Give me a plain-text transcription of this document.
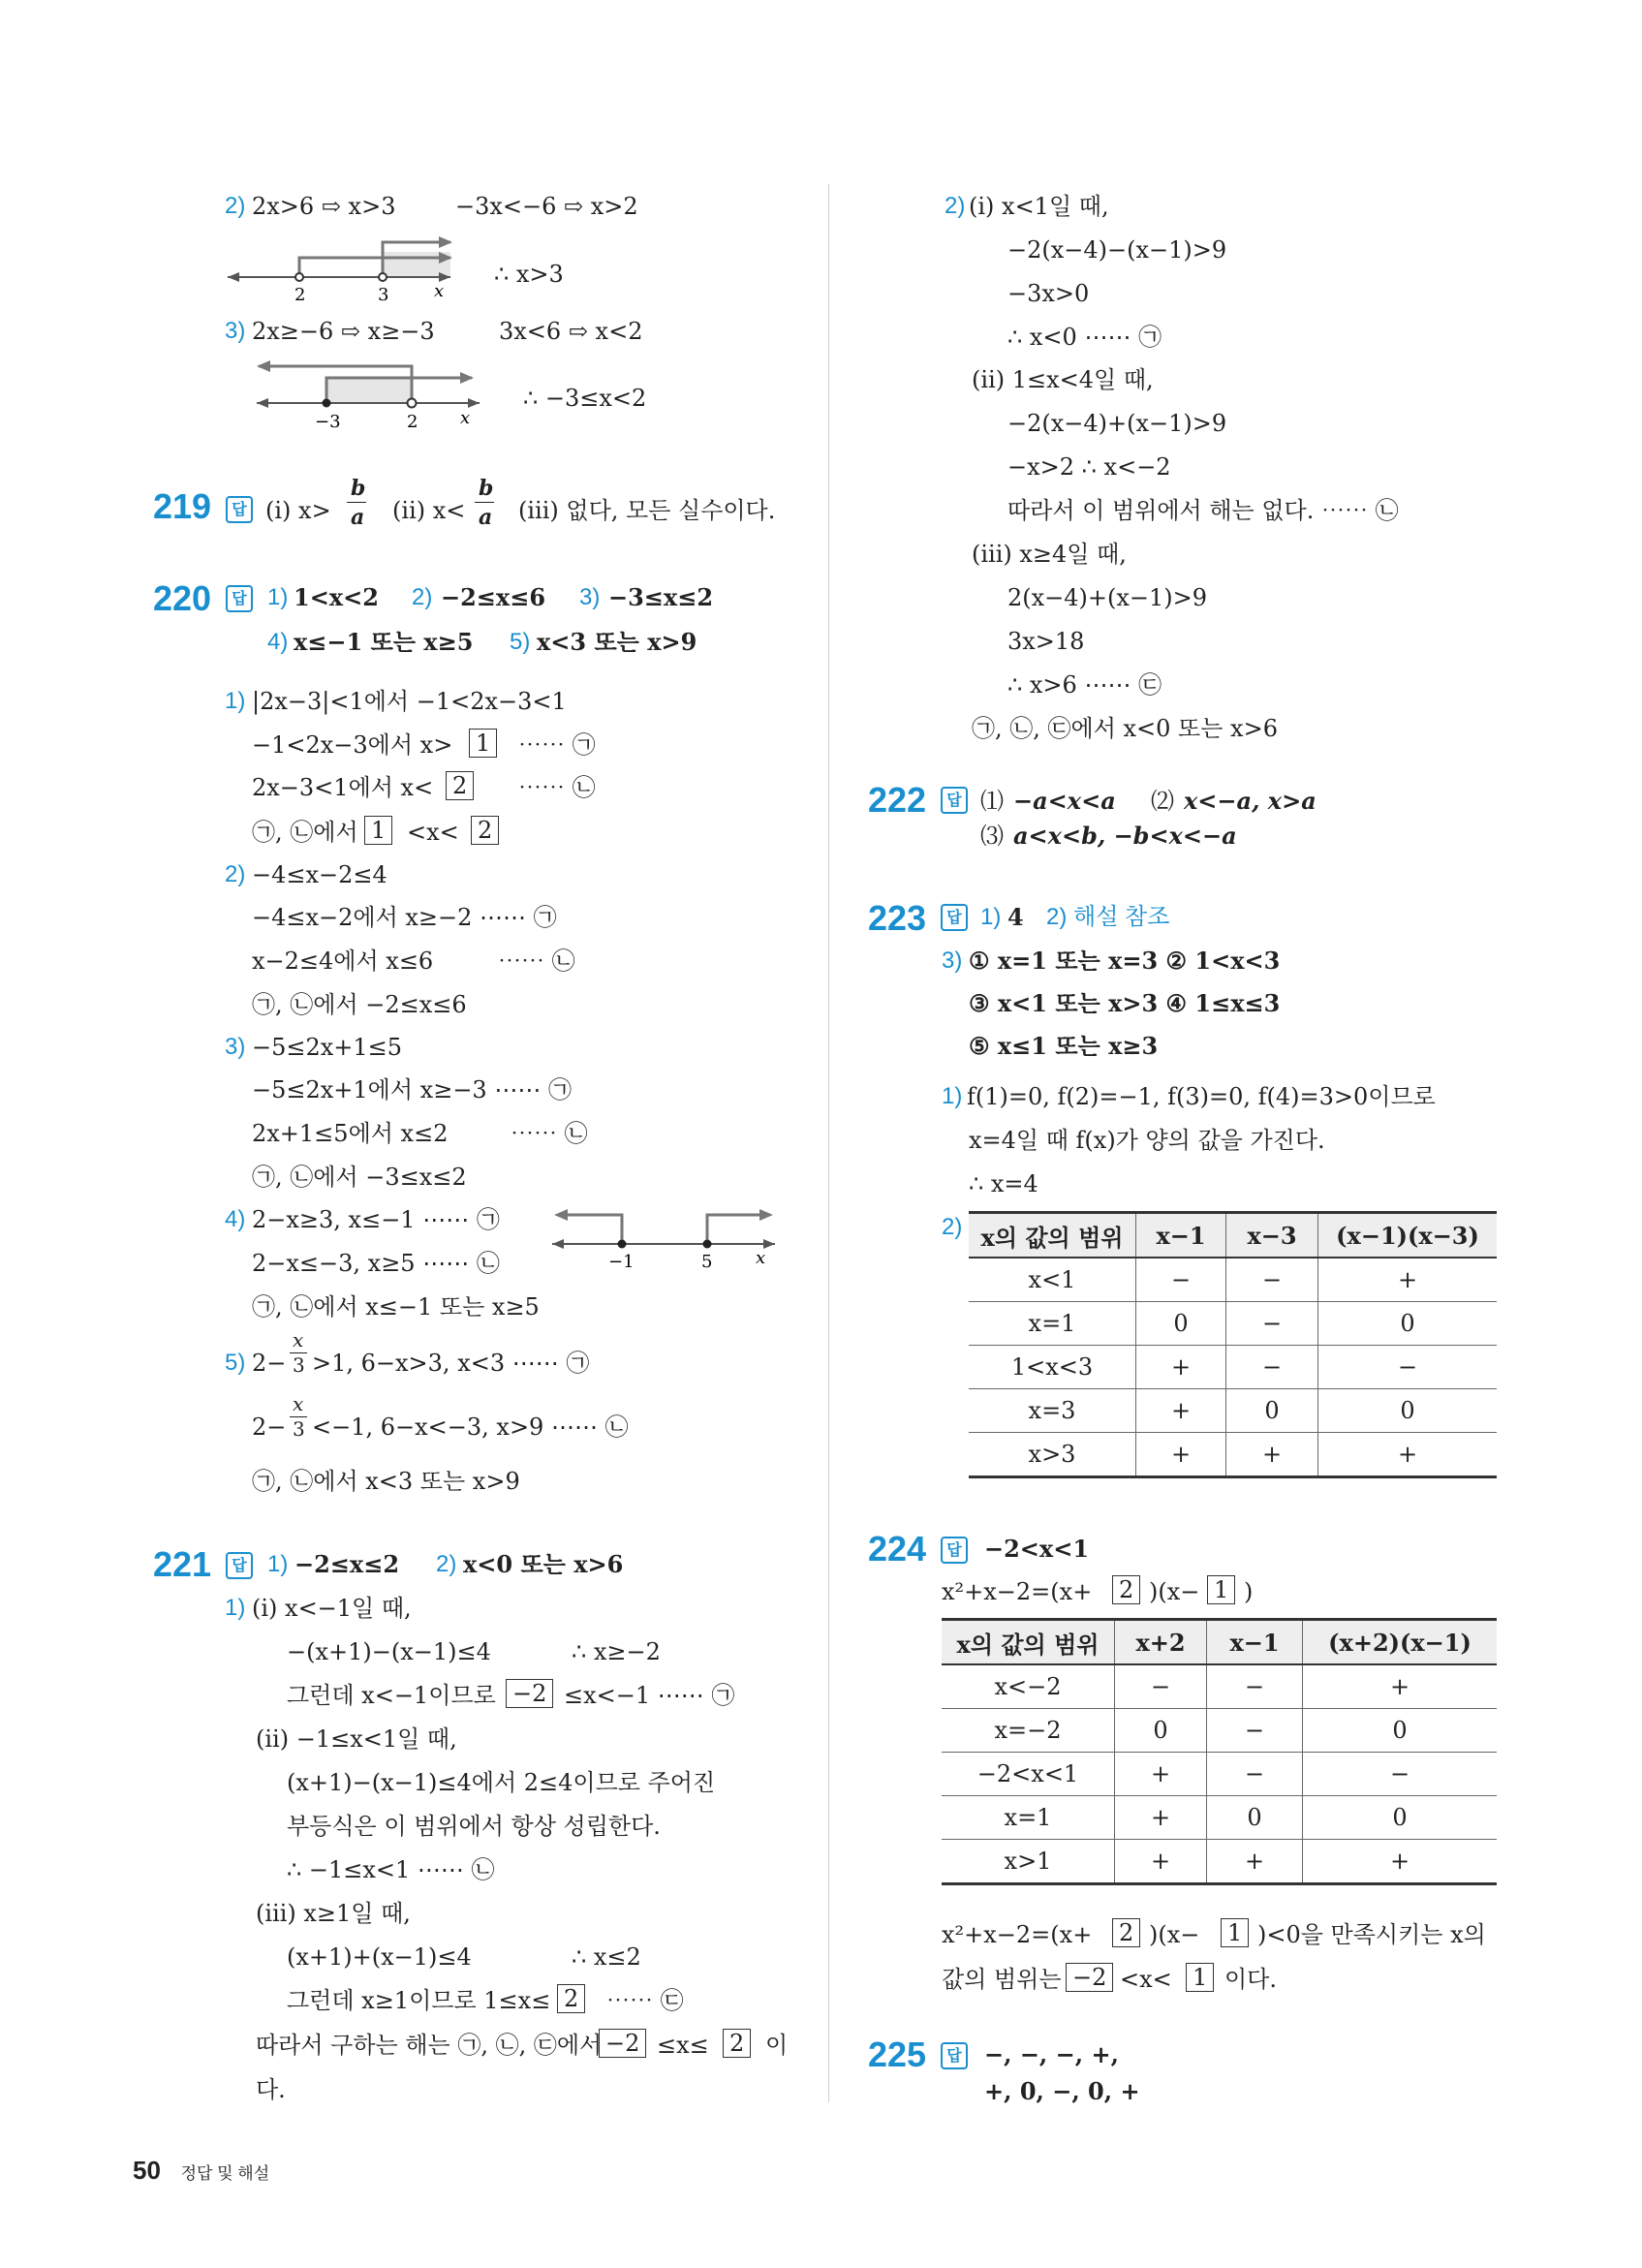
2) 2x>6 ⇨ x>3	−3x<−6 ⇨ x>2
2	3	x
∴ x>3
3) 2x≥−6 ⇨ x≥−3	3x<6 ⇨ x<2
−3	2 x
∴ −3≤x<2
219	답 (ⅰ) x>
b
a (ⅱ) x<
b
a (ⅲ) 없다, 모든 실수이다.
220	답 1) 1<x<2 2) −2≤x≤6 3) −3≤x≤2
4) x≤−1 또는 x≥5 5) x<3 또는 x>9
1) |2x−3|<1에서 −1<2x−3<1
−1<2x−3에서 x> 1 ⋯⋯ ㉠
2x−3<1에서 x< 2 ⋯⋯ ㉡
㉠, ㉡에서 1 <x< 2
2) −4≤x−2≤4
−4≤x−2에서 x≥−2 ⋯⋯ ㉠
x−2≤4에서 x≤6	⋯⋯ ㉡
㉠, ㉡에서 −2≤x≤6
3) −5≤2x+1≤5
−5≤2x+1에서 x≥−3 ⋯⋯ ㉠
2x+1≤5에서 x≤2	⋯⋯ ㉡
㉠, ㉡에서 −3≤x≤2
4) 2−x≥3, x≤−1 ⋯⋯ ㉠
2−x≤−3, x≥5 ⋯⋯ ㉡
㉠, ㉡에서 x≤−1 또는 x≥5
−1	5 x
5) 2−
x
3 >1, 6−x>3, x<3 ⋯⋯ ㉠
2−
x
3 <−1, 6−x<−3, x>9 ⋯⋯ ㉡
㉠, ㉡에서 x<3 또는 x>9
221	답 1) −2≤x≤2 2) x<0 또는 x>6
1) (ⅰ) x<−1일 때,
−(x+1)−(x−1)≤4	∴ x≥−2
그런데 x<−1이므로 −2 ≤x<−1 ⋯⋯ ㉠
(ⅱ) −1≤x<1일 때,
(x+1)−(x−1)≤4에서 2≤4이므로 주어진
부등식은 이 범위에서 항상 성립한다.
∴ −1≤x<1 ⋯⋯ ㉡
(ⅲ) x≥1일 때,
(x+1)+(x−1)≤4	∴ x≤2
그런데 x≥1이므로 1≤x≤ 2 ⋯⋯ ㉢
따라서 구하는 해는 ㉠, ㉡, ㉢에서 −2 ≤x≤ 2 이
다.
2) (ⅰ) x<1일 때,
−2(x−4)−(x−1)>9
−3x>0
∴ x<0 ⋯⋯ ㉠
(ⅱ) 1≤x<4일 때,
−2(x−4)+(x−1)>9
−x>2 ∴ x<−2
따라서 이 범위에서 해는 없다. ⋯⋯ ㉡
(ⅲ) x≥4일 때,
2(x−4)+(x−1)>9
3x>18
∴ x>6 ⋯⋯ ㉢
㉠, ㉡, ㉢에서 x<0 또는 x>6
222	답 ⑴ −a<x<a ⑵ x<−a, x>a
⑶ a<x<b, −b<x<−a
223	답 1) 4 2) 해설 참조
3) ① x=1 또는 x=3 ② 1<x<3
③ x<1 또는 x>3 ④ 1≤x≤3
⑤ x≤1 또는 x≥3
1) f(1)=0, f(2)=−1, f(3)=0, f(4)=3>0이므로
x=4일 때 f(x)가 양의 값을 가진다.
∴ x=4
2) x의 값의 범위	x−1	x−3	(x−1)(x−3)
x<1	−	−	+
x=1	0	−	0
1<x<3	+	−	−
x=3	+	0	0
x>3	+	+	+
224	답 −2<x<1
x²+x−2=(x+ 2 )(x− 1 )
x의 값의 범위	x+2	x−1	(x+2)(x−1)
x<−2	−	−	+
x=−2	0	−	0
−2<x<1	+	−	−
x=1	+	0	0
x>1	+	+	+
x²+x−2=(x+ 2 )(x− 1 )<0을 만족시키는 x의
값의 범위는 −2 <x< 1 이다.
225	답 −, −, −, +,
+, 0, −, 0, +
50 정답 및 해설
